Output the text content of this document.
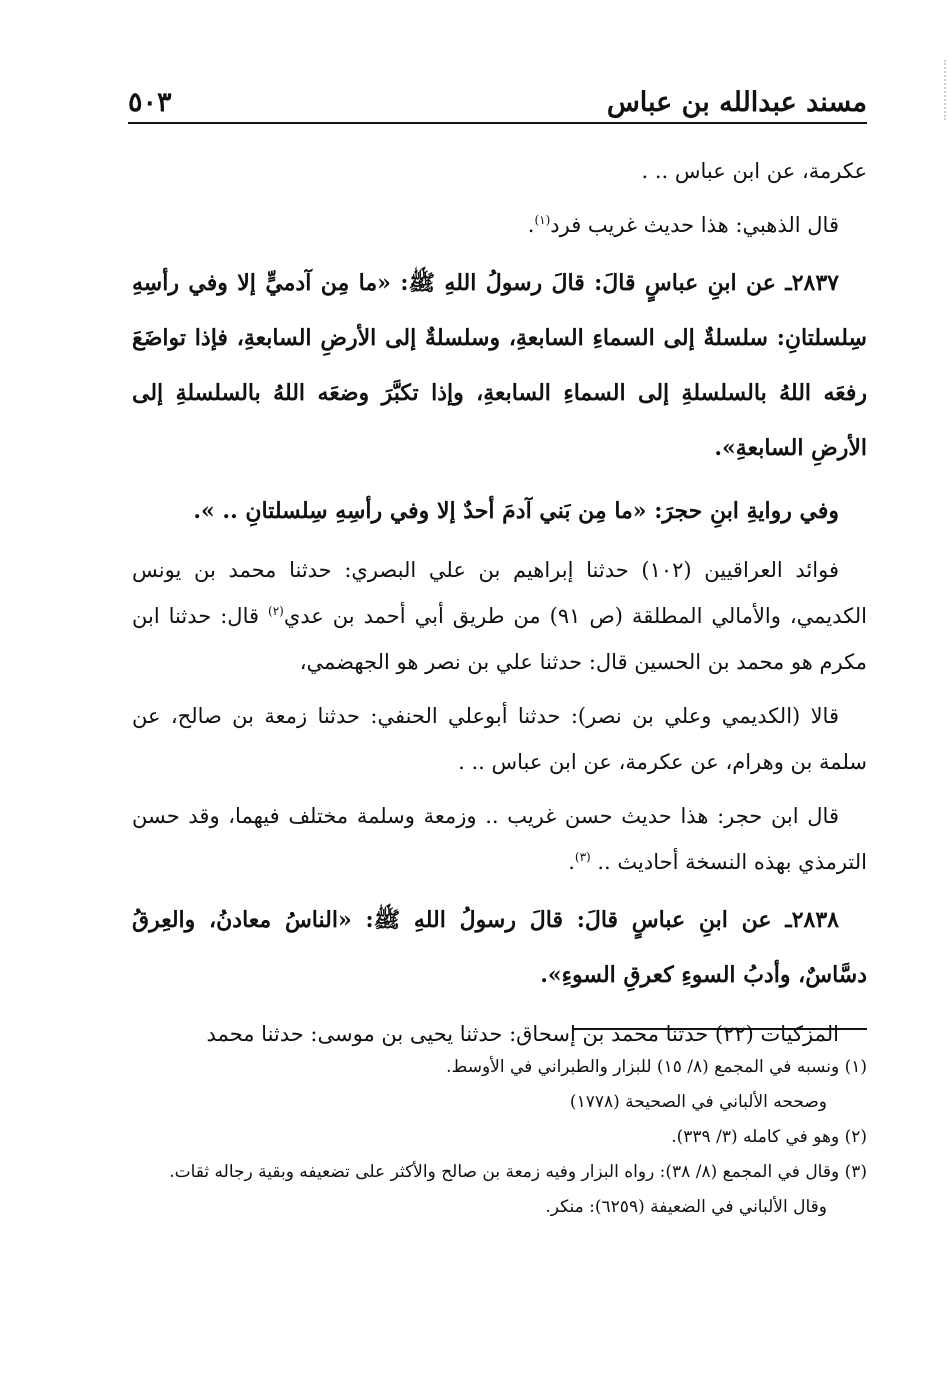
مسند عبدالله بن عباس
٥٠٣

عكرمة، عن ابن عباس .. .

قال الذهبي: هذا حديث غريب فرد$^{(١)}$.

٢٨٣٧ـ عن ابنِ عباسٍ قالَ: قالَ رسولُ اللهِ ﷺ: «ما مِن آدميٍّ إلا وفي رأسِهِ سِلسلتانِ: سلسلةٌ إلى السماءِ السابعةِ، وسلسلةٌ إلى الأرضِ السابعةِ، فإذا تواضَعَ رفعَه اللهُ بالسلسلةِ إلى السماءِ السابعةِ، وإذا تكبَّرَ وضعَه اللهُ بالسلسلةِ إلى الأرضِ السابعةِ».

وفي روايةِ ابنِ حجرَ: «ما مِن بَني آدمَ أحدٌ إلا وفي رأسِهِ سِلسلتانِ .. ».

فوائد العراقيين (١٠٢) حدثنا إبراهيم بن علي البصري: حدثنا محمد بن يونس الكديمي، والأمالي المطلقة (ص ٩١) من طريق أبي أحمد بن عدي$^{(٢)}$ قال: حدثنا ابن مكرم هو محمد بن الحسين قال: حدثنا علي بن نصر هو الجهضمي،

قالا (الكديمي وعلي بن نصر): حدثنا أبوعلي الحنفي: حدثنا زمعة بن صالح، عن سلمة بن وهرام، عن عكرمة، عن ابن عباس .. .

قال ابن حجر: هذا حديث حسن غريب .. وزمعة وسلمة مختلف فيهما، وقد حسن الترمذي بهذه النسخة أحاديث .. $^{(٣)}$.

٢٨٣٨ـ عن ابنِ عباسٍ قالَ: قالَ رسولُ اللهِ ﷺ: «الناسُ معادنُ، والعِرقُ دسَّاسٌ، وأدبُ السوءِ كعرقِ السوءِ».

المزكيات (٢٢) حدثنا محمد بن إسحاق: حدثنا يحيى بن موسى: حدثنا محمد

(١) ونسبه في المجمع (٨/ ١٥) للبزار والطبراني في الأوسط.

وصححه الألباني في الصحيحة (١٧٧٨)

(٢) وهو في كامله (٣/ ٣٣٩).

(٣) وقال في المجمع (٨/ ٣٨): رواه البزار وفيه زمعة بن صالح والأكثر على تضعيفه وبقية رجاله ثقات.

وقال الألباني في الضعيفة (٦٢٥٩): منكر.
